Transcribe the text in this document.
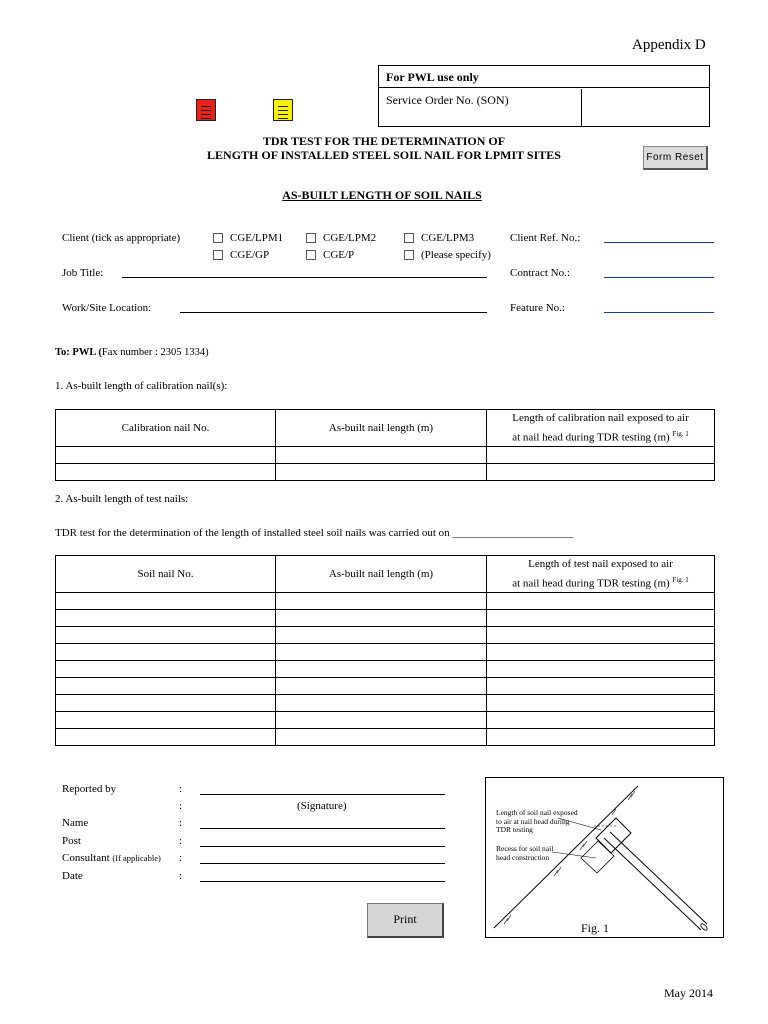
Appendix D
For PWL use only
Service Order No. (SON)
TDR TEST FOR THE DETERMINATION OF
LENGTH OF INSTALLED STEEL SOIL NAIL FOR LPMIT SITES	Form Reset
AS-BUILT LENGTH OF SOIL NAILS
Client (tick as appropriate)	CGE/LPM1	CGE/LPM2	CGE/LPM3
CGE/GP	CGE/P	(Please specify)
Client Ref. No.:
Job Title:	Contract No.:
Work/Site Location:	Feature No.:
To: PWL (Fax number : 2305 1334)
1. As-built length of calibration nail(s):
Calibration nail No.	As-built nail length (m)	Length of calibration nail exposed to air
at nail head during TDR testing (m) $^{Fig. 1}$

2. As-built length of test nails:
TDR test for the determination of the length of installed steel soil nails was carried out on ______________________
Soil nail No.	As-built nail length (m)	Length of test nail exposed to air
at nail head during TDR testing (m) $^{Fig. 1}$

Reported by	:
:	(Signature)
Name	:
Post	:
Consultant (If applicable) :
Date	:
Print
Length of soil nail exposed
to air at nail head during
TDR testing
Recess for soil nail
head construction
Fig. 1
May 2014
